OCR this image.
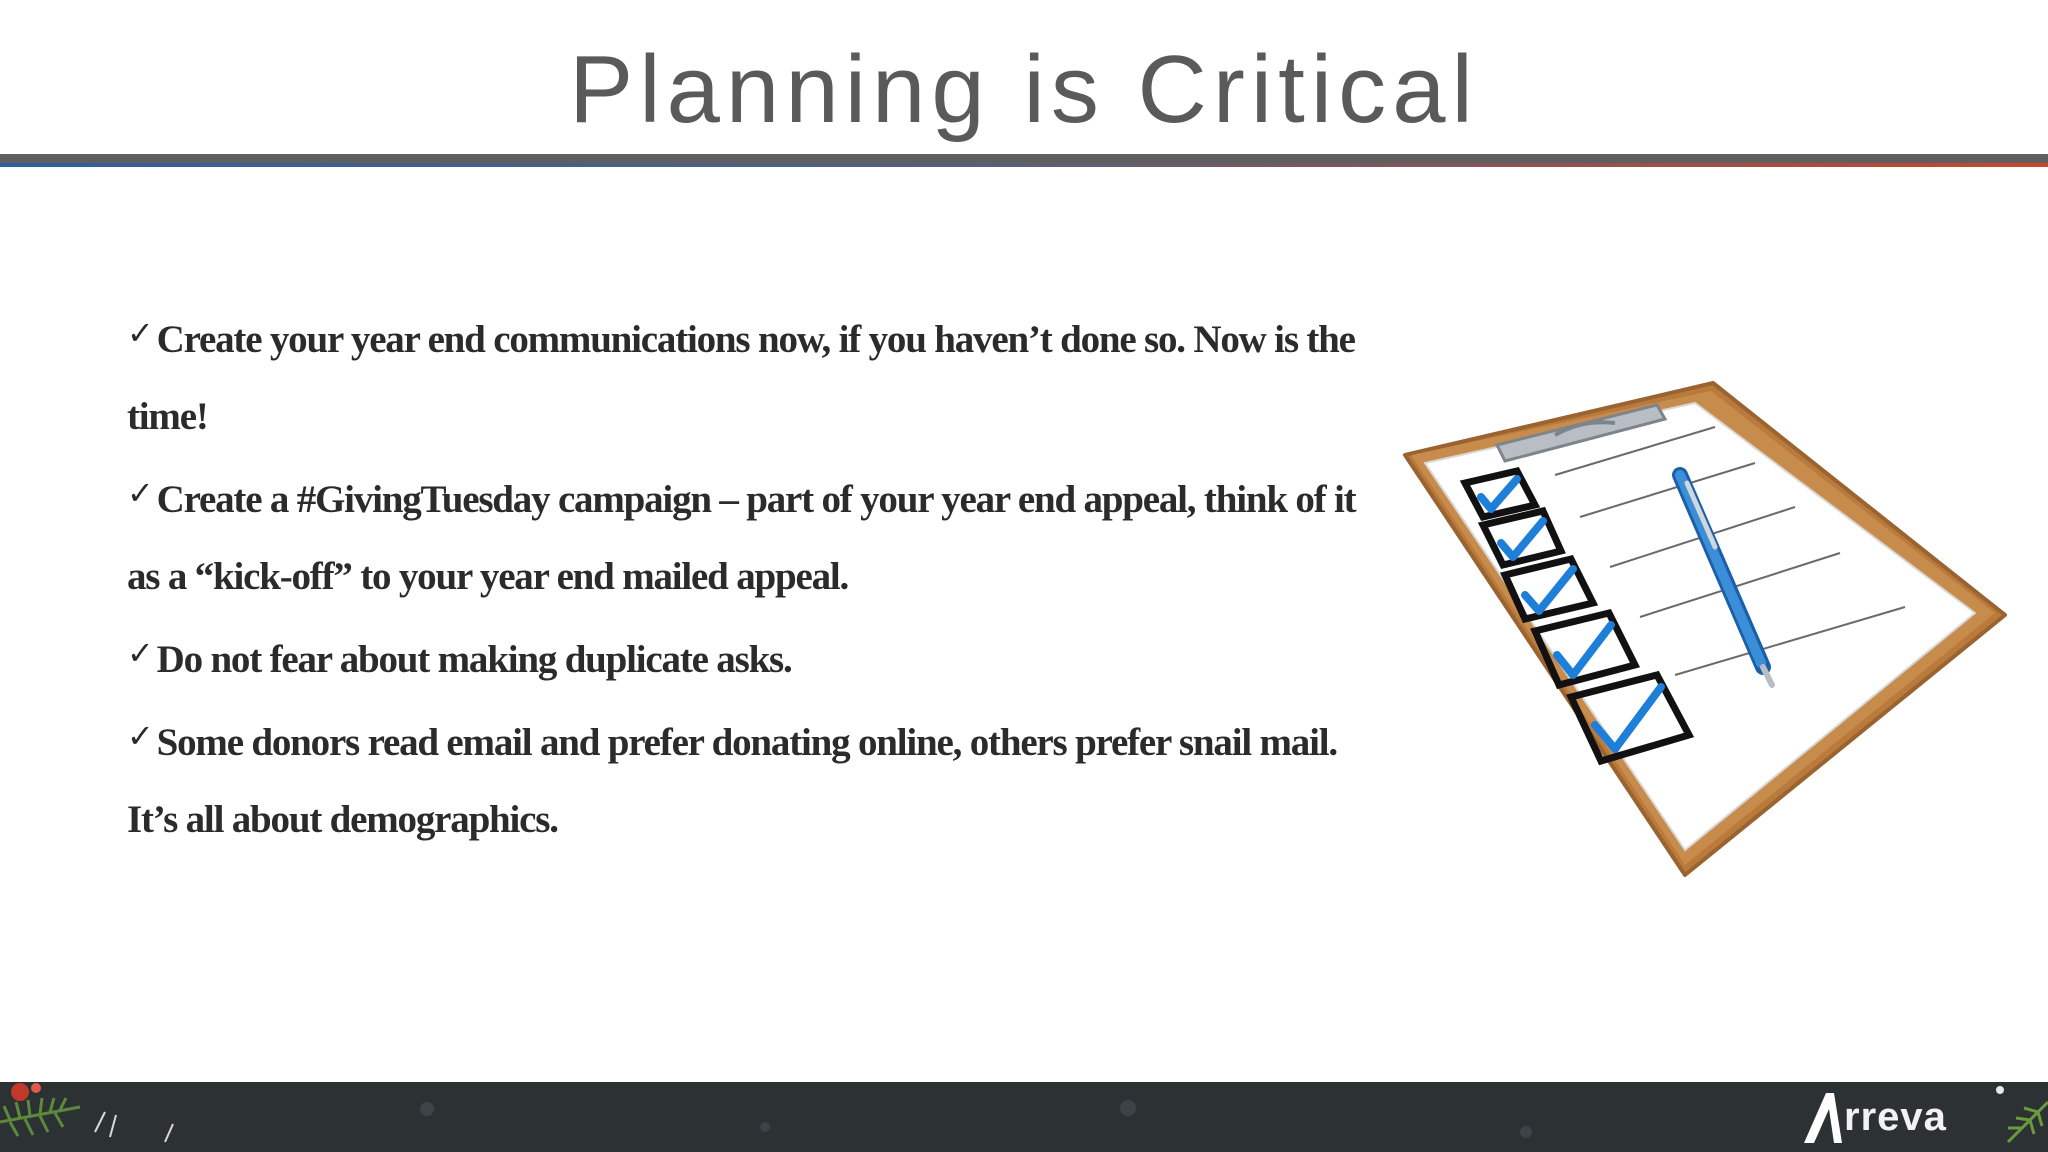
Planning is Critical

✓ Create your year end communications now, if you haven’t done so. Now is the time!

✓ Create a #GivingTuesday campaign – part of your year end appeal, think of it as a “kick-off” to your year end mailed appeal.

✓ Do not fear about making duplicate asks.

✓ Some donors read email and prefer donating online, others prefer snail mail. It’s all about demographics.

rreva
